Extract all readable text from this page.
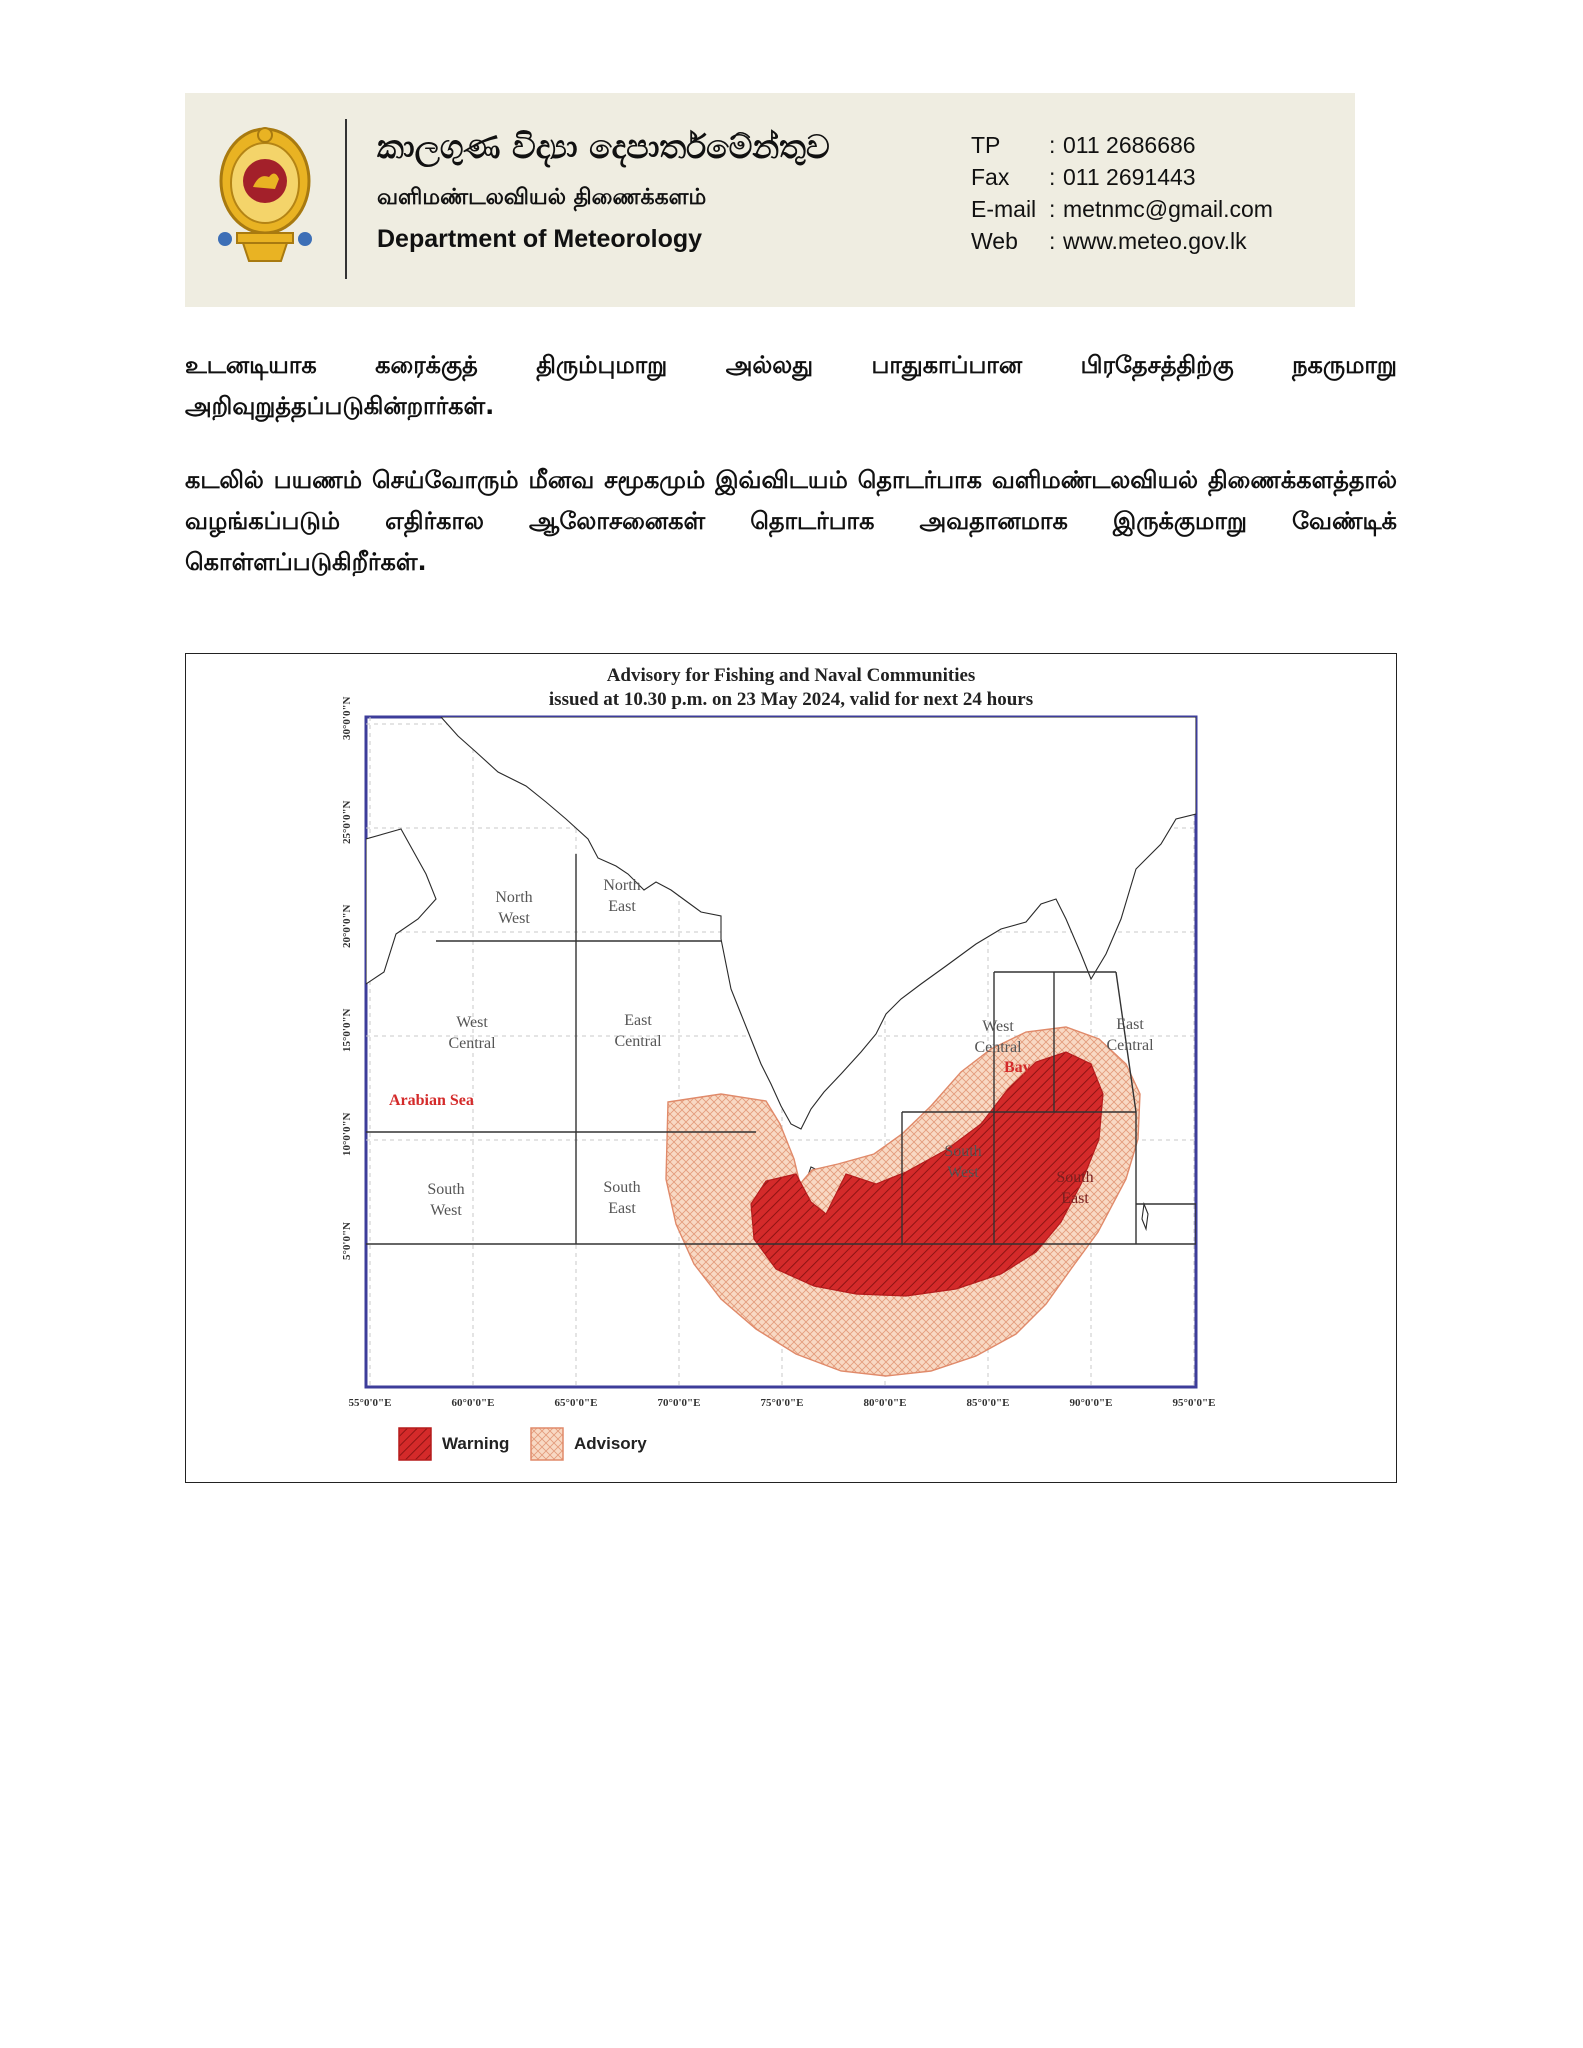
කාලගුණ විද්‍යා දෙපාර්තමේන්තුව
வளிமண்டலவியல் திணைக்களம்
Department of Meteorology
TP	: 011 2686686
Fax	: 011 2691443
E-mail : metnmc@gmail.com
Web	: www.meteo.gov.lk

உடனடியாக கரைக்குத் திரும்புமாறு அல்லது பாதுகாப்பான பிரதேசத்திற்கு நகருமாறு அறிவுறுத்தப்படுகின்றார்கள்.

கடலில் பயணம் செய்வோரும் மீனவ சமூகமும் இவ்விடயம் தொடர்பாக வளிமண்டலவியல் திணைக்களத்தால் வழங்கப்படும் எதிர்கால ஆலோசனைகள் தொடர்பாக அவதானமாக இருக்குமாறு வேண்டிக் கொள்ளப்படுகிறீர்கள்.

Advisory for Fishing and Naval Communities
issued at 10.30 p.m. on 23 May 2024, valid for next 24 hours
55°0'0"E	60°0'0"E	65°0'0"E	70°0'0"E	75°0'0"E	80°0'0"E	85°0'0"E	90°0'0"E	95°0'0"E
5°0'0"N
10°0'0"N
15°0'0"N
20°0'0"N
25°0'0"N
30°0'0"N
North West
North East
West Central
East Central
South West
South East
West Central
East Central
South West	South East
Arabian Sea
Bay
Warning	Advisory
